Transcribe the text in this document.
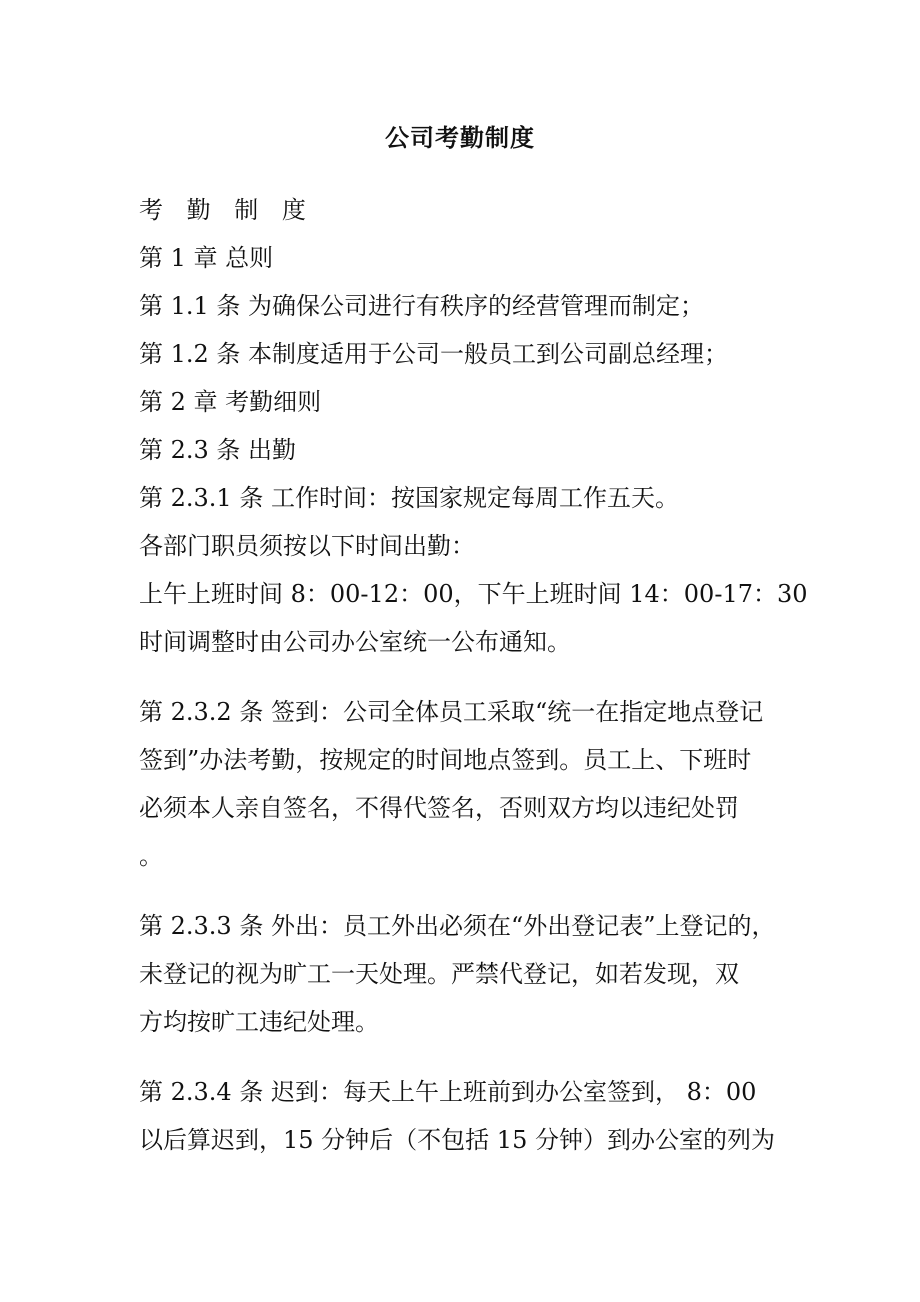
公司考勤制度
考 勤 制 度
第 1 章 总则
第 1.1 条 为确保公司进行有秩序的经营管理而制定；
第 1.2 条 本制度适用于公司一般员工到公司副总经理；
第 2 章 考勤细则
第 2.3 条 出勤
第 2.3.1 条 工作时间：按国家规定每周工作五天。
各部门职员须按以下时间出勤：
上午上班时间 8：00-12：00，下午上班时间 14：00-17：30
时间调整时由公司办公室统一公布通知。
第 2.3.2 条 签到：公司全体员工采取“统一在指定地点登记
签到”办法考勤，按规定的时间地点签到。员工上、下班时
必须本人亲自签名，不得代签名，否则双方均以违纪处罚
。
第 2.3.3 条 外出：员工外出必须在“外出登记表”上登记的，
未登记的视为旷工一天处理。严禁代登记，如若发现，双
方均按旷工违纪处理。
第 2.3.4 条 迟到：每天上午上班前到办公室签到， 8：00
以后算迟到，15 分钟后（不包括 15 分钟）到办公室的列为
